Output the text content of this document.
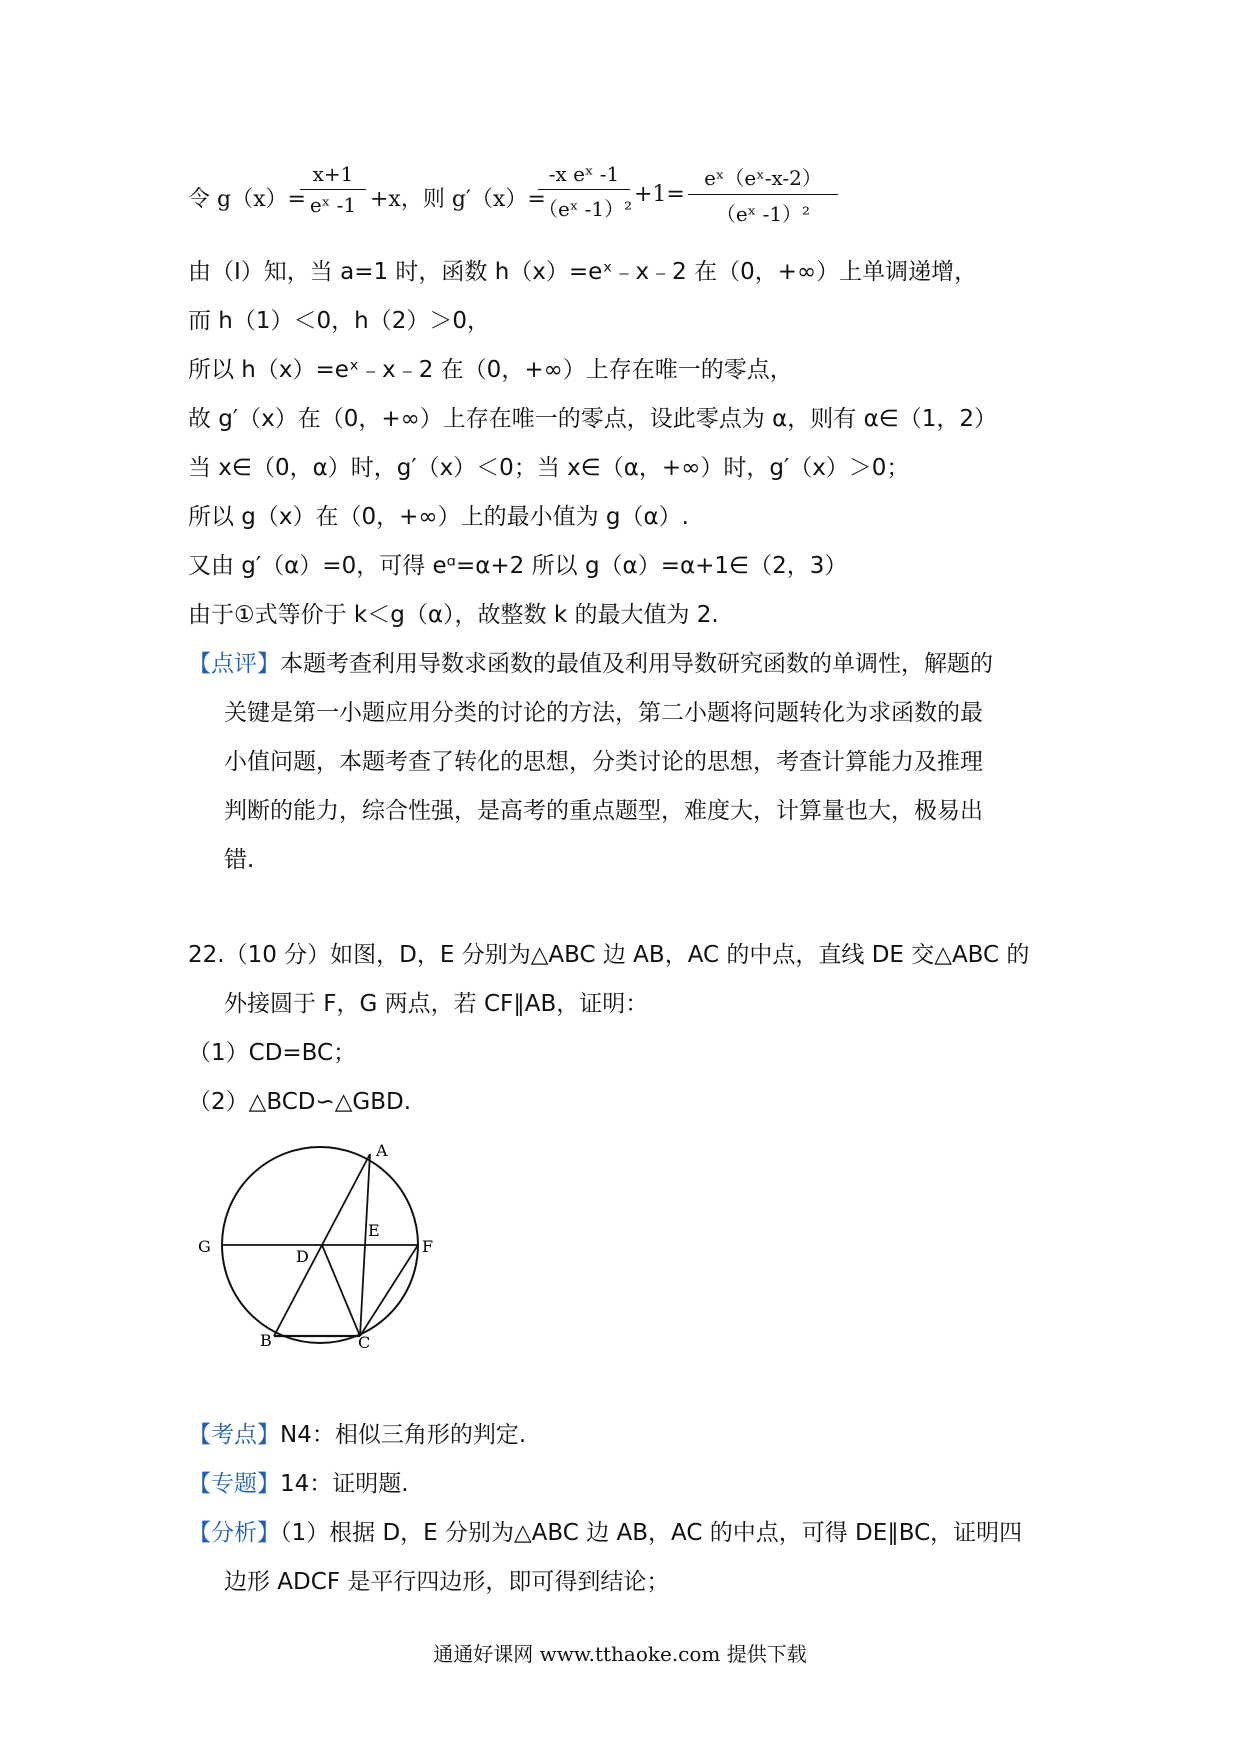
令 g（x）=
x+1
eˣ -1 +x，则 g′（x）=
-x eˣ -1
（eˣ -1）²
+1=
eˣ（eˣ-x-2）
（eˣ -1）²
由（I）知，当 a=1 时，函数 h（x）=eˣ﹣x﹣2 在（0，+∞）上单调递增，
而 h（1）＜0，h（2）＞0，
所以 h（x）=eˣ﹣x﹣2 在（0，+∞）上存在唯一的零点，
故 g′（x）在（0，+∞）上存在唯一的零点，设此零点为 α，则有 α∈（1，2）
当 x∈（0，α）时，g′（x）＜0；当 x∈（α，+∞）时，g′（x）＞0；
所以 g（x）在（0，+∞）上的最小值为 g（α）.
又由 g′（α）=0，可得 eᵅ=α+2 所以 g（α）=α+1∈（2，3）
由于①式等价于 k＜g（α），故整数 k 的最大值为 2.
【点评】本题考查利用导数求函数的最值及利用导数研究函数的单调性，解题的
关键是第一小题应用分类的讨论的方法，第二小题将问题转化为求函数的最
小值问题，本题考查了转化的思想，分类讨论的思想，考查计算能力及推理
判断的能力，综合性强，是高考的重点题型，难度大，计算量也大，极易出
错.
22.（10 分）如图，D，E 分别为△ABC 边 AB，AC 的中点，直线 DE 交△ABC 的
外接圆于 F，G 两点，若 CF∥AB，证明：
（1）CD=BC；
（2）△BCD∽△GBD.
A
B	C
D
E
F
G
【考点】N4：相似三角形的判定.
【专题】14：证明题.
【分析】（1）根据 D，E 分别为△ABC 边 AB，AC 的中点，可得 DE∥BC，证明四
边形 ADCF 是平行四边形，即可得到结论；
通通好课网 www.tthaoke.com 提供下载
